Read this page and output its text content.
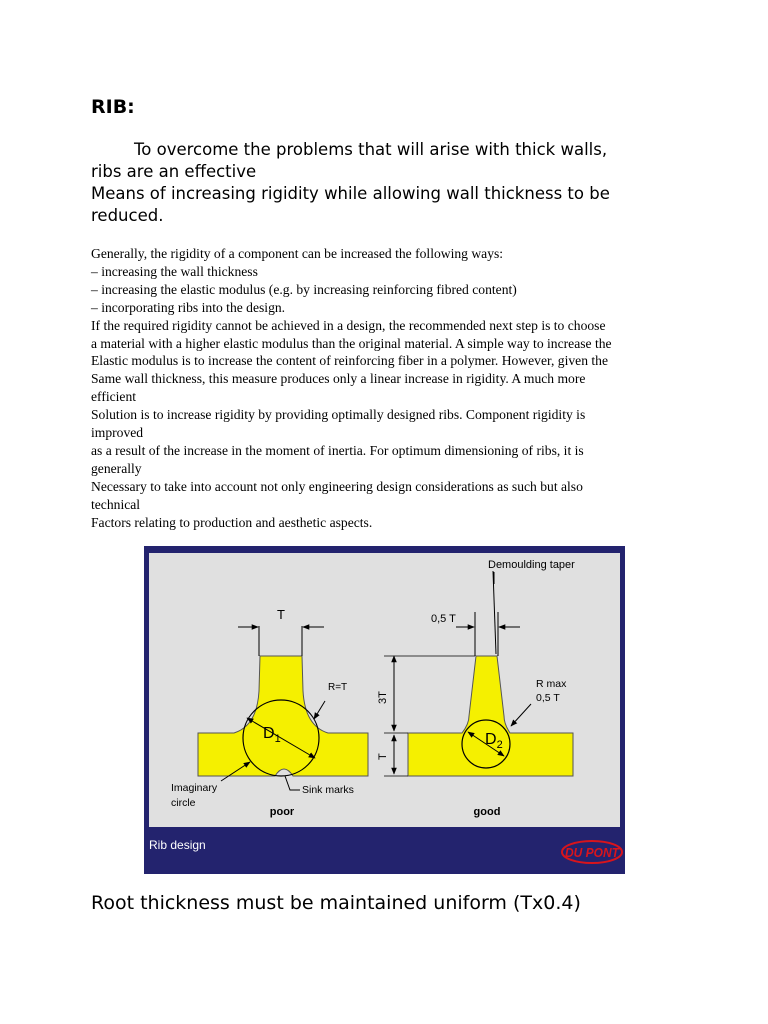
RIB:
To overcome the problems that will arise with thick walls,
ribs are an effective
Means of increasing rigidity while allowing wall thickness to be
reduced.
Generally, the rigidity of a component can be increased the following ways:
– increasing the wall thickness
– increasing the elastic modulus (e.g. by increasing reinforcing fibred content)
– incorporating ribs into the design.
If the required rigidity cannot be achieved in a design, the recommended next step is to choose
a material with a higher elastic modulus than the original material. A simple way to increase the
Elastic modulus is to increase the content of reinforcing fiber in a polymer. However, given the
Same wall thickness, this measure produces only a linear increase in rigidity. A much more
efficient
Solution is to increase rigidity by providing optimally designed ribs. Component rigidity is
improved
as a result of the increase in the moment of inertia. For optimum dimensioning of ribs, it is
generally
Necessary to take into account not only engineering design considerations as such but also
technical
Factors relating to production and aesthetic aspects.
T
R=T
$D_1$
Imaginary
circle
Sink marks
poor
Demoulding taper
0,5 T
3T
T
$D_2$
R max
0,5 T
good
Rib design	DU PONT
Root thickness must be maintained uniform (Tx0.4)
